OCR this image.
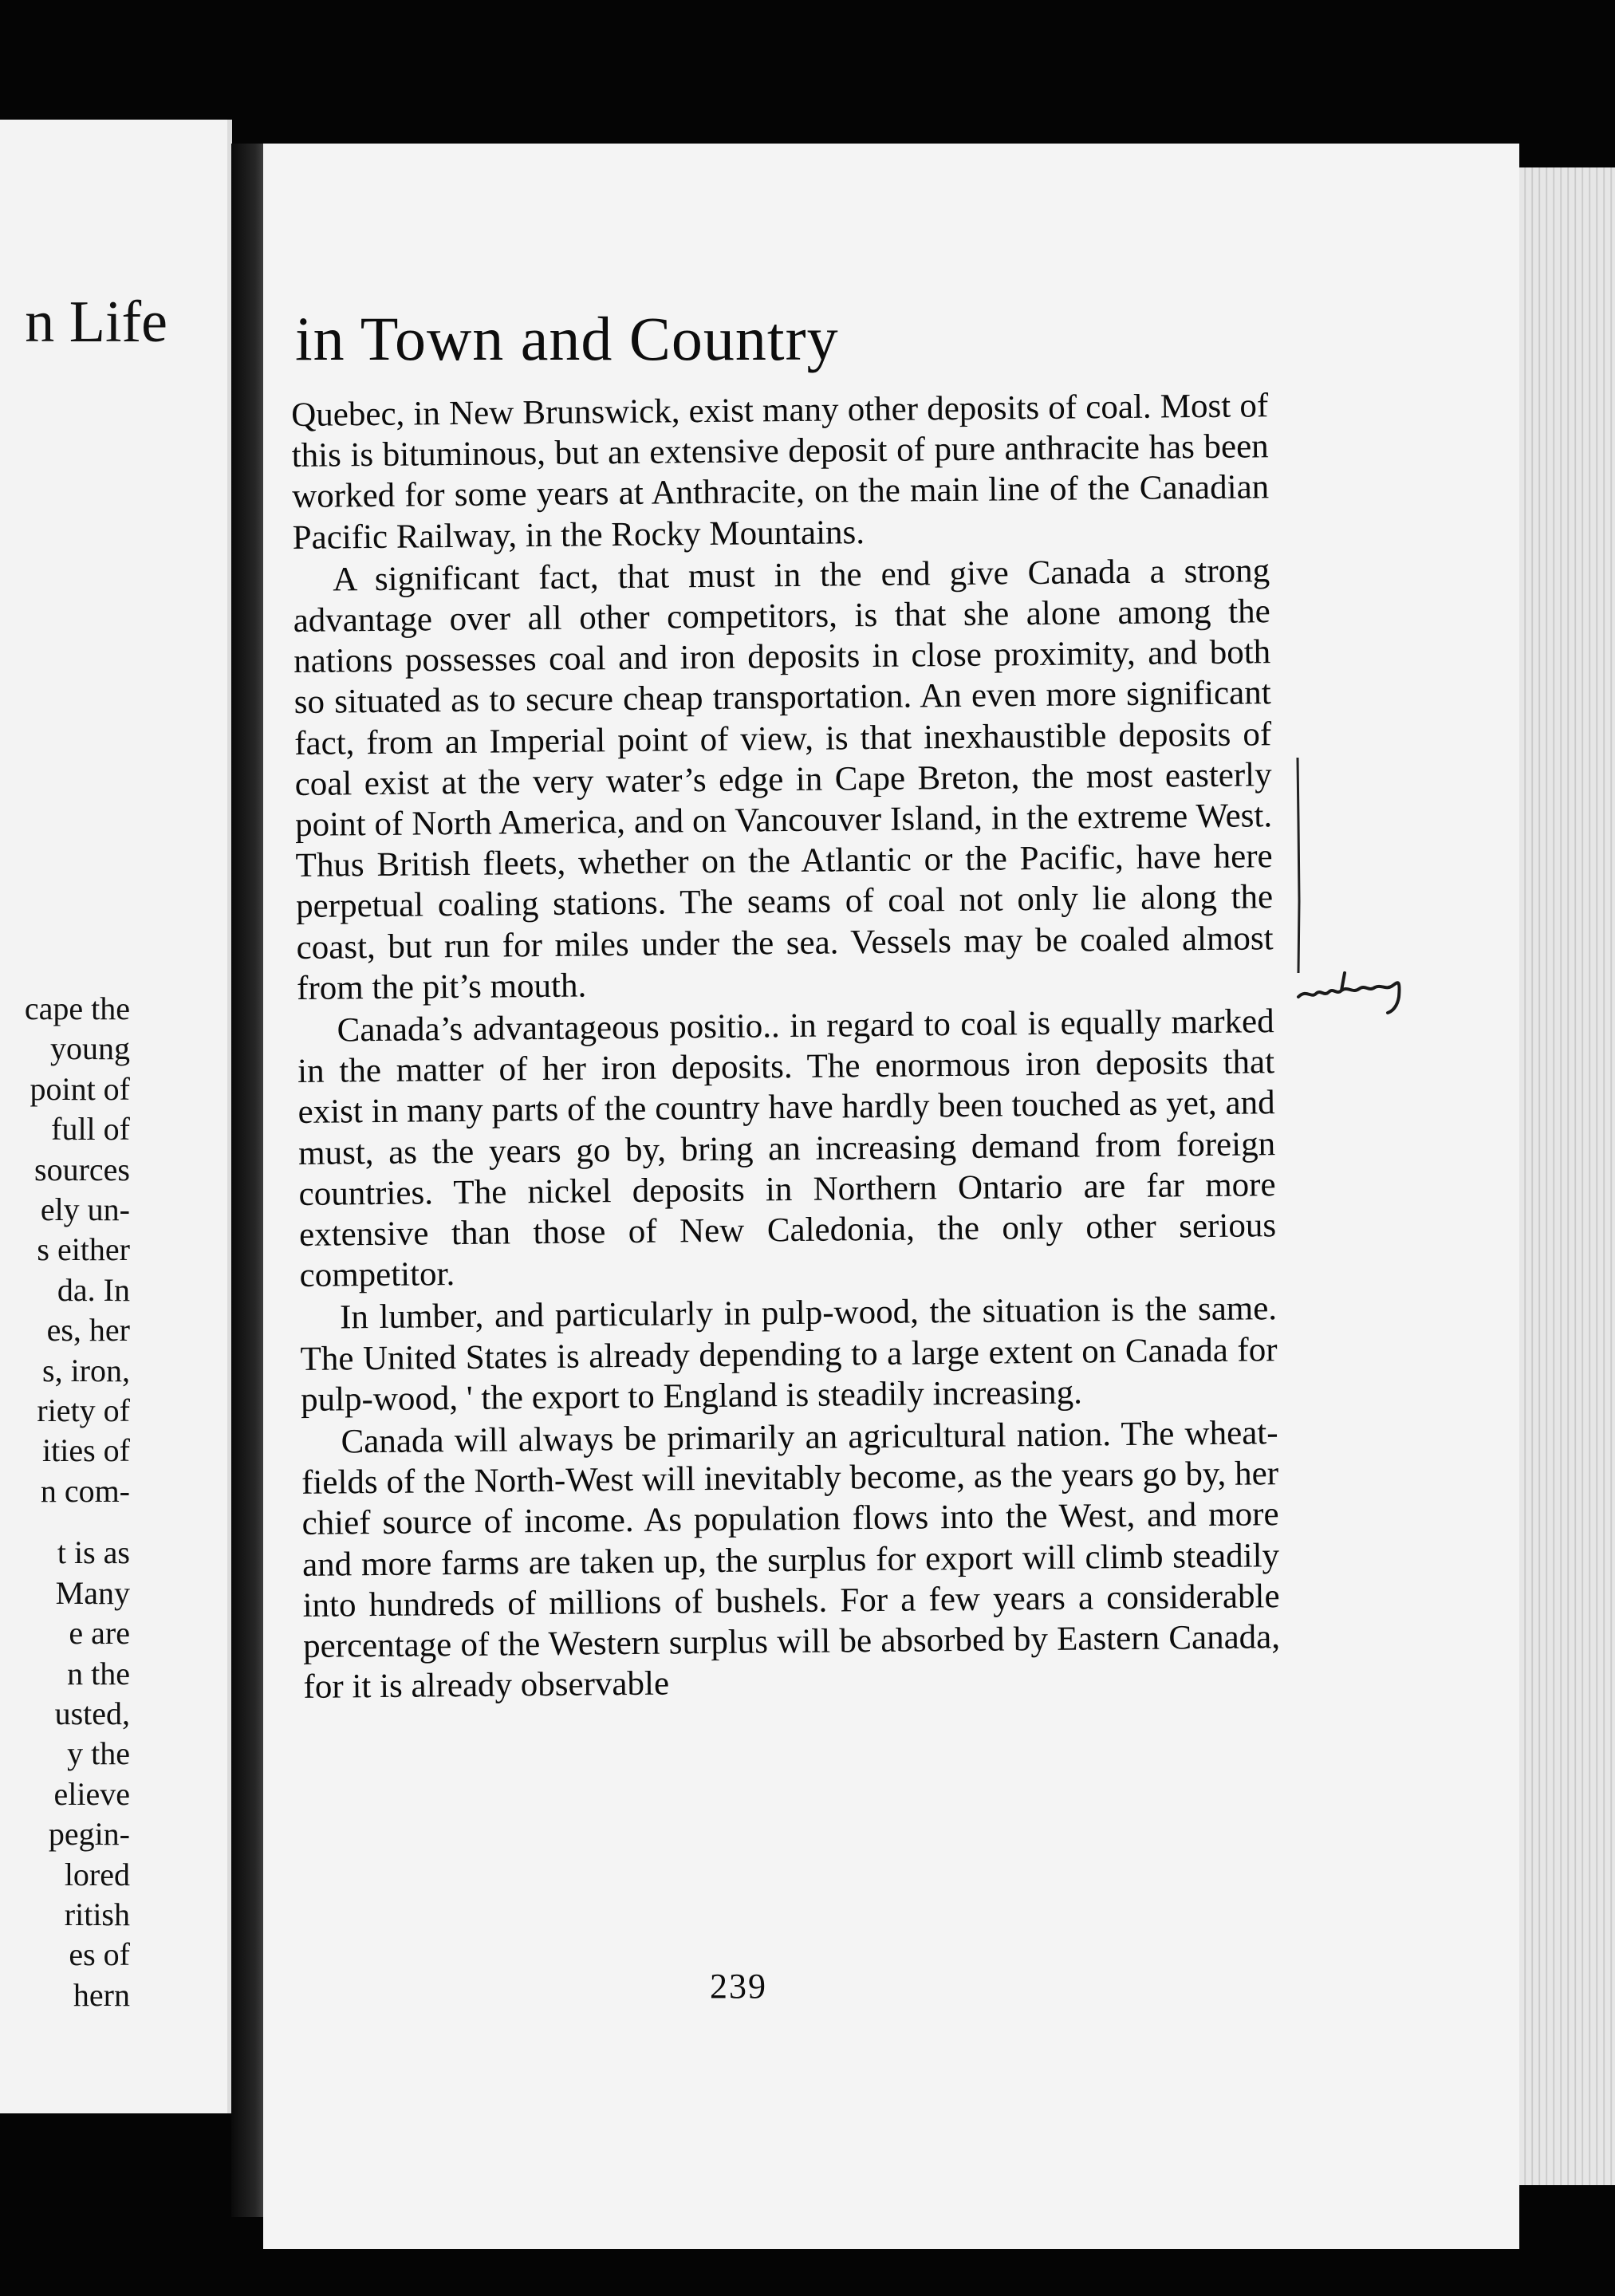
n Life
cape the
young
point of
full of
sources
ely un-
s either
da. In
es, her
s, iron,
riety of
ities of
n com-
t is as
Many
e are
n the
usted,
y the
elieve
pegin-
lored
ritish
es of
hern
in Town and Country

Quebec, in New Brunswick, exist many other deposits of coal. Most of this is bituminous, but an extensive deposit of pure anthracite has been worked for some years at Anthracite, on the main line of the Canadian Pacific Railway, in the Rocky Mountains.

A significant fact, that must in the end give Canada a strong advantage over all other competitors, is that she alone among the nations possesses coal and iron deposits in close proximity, and both so situated as to secure cheap transportation. An even more significant fact, from an Imperial point of view, is that inexhaustible deposits of coal exist at the very water’s edge in Cape Breton, the most easterly point of North America, and on Vancouver Island, in the extreme West. Thus British fleets, whether on the Atlantic or the Pacific, have here perpetual coaling stations. The seams of coal not only lie along the coast, but run for miles under the sea. Vessels may be coaled almost from the pit’s mouth.

Canada’s advantageous positio.. in regard to coal is equally marked in the matter of her iron deposits. The enormous iron deposits that exist in many parts of the country have hardly been touched as yet, and must, as the years go by, bring an increasing demand from foreign countries. The nickel deposits in Northern Ontario are far more extensive than those of New Caledonia, the only other serious competitor.

In lumber, and particularly in pulp-wood, the situation is the same. The United States is already depending to a large extent on Canada for pulp-wood, ' the export to England is steadily increasing.

Canada will always be primarily an agricultural nation. The wheat-fields of the North-West will inevitably become, as the years go by, her chief source of income. As population flows into the West, and more and more farms are taken up, the surplus for export will climb steadily into hundreds of millions of bushels. For a few years a considerable percentage of the Western surplus will be absorbed by Eastern Canada, for it is already observable

239
